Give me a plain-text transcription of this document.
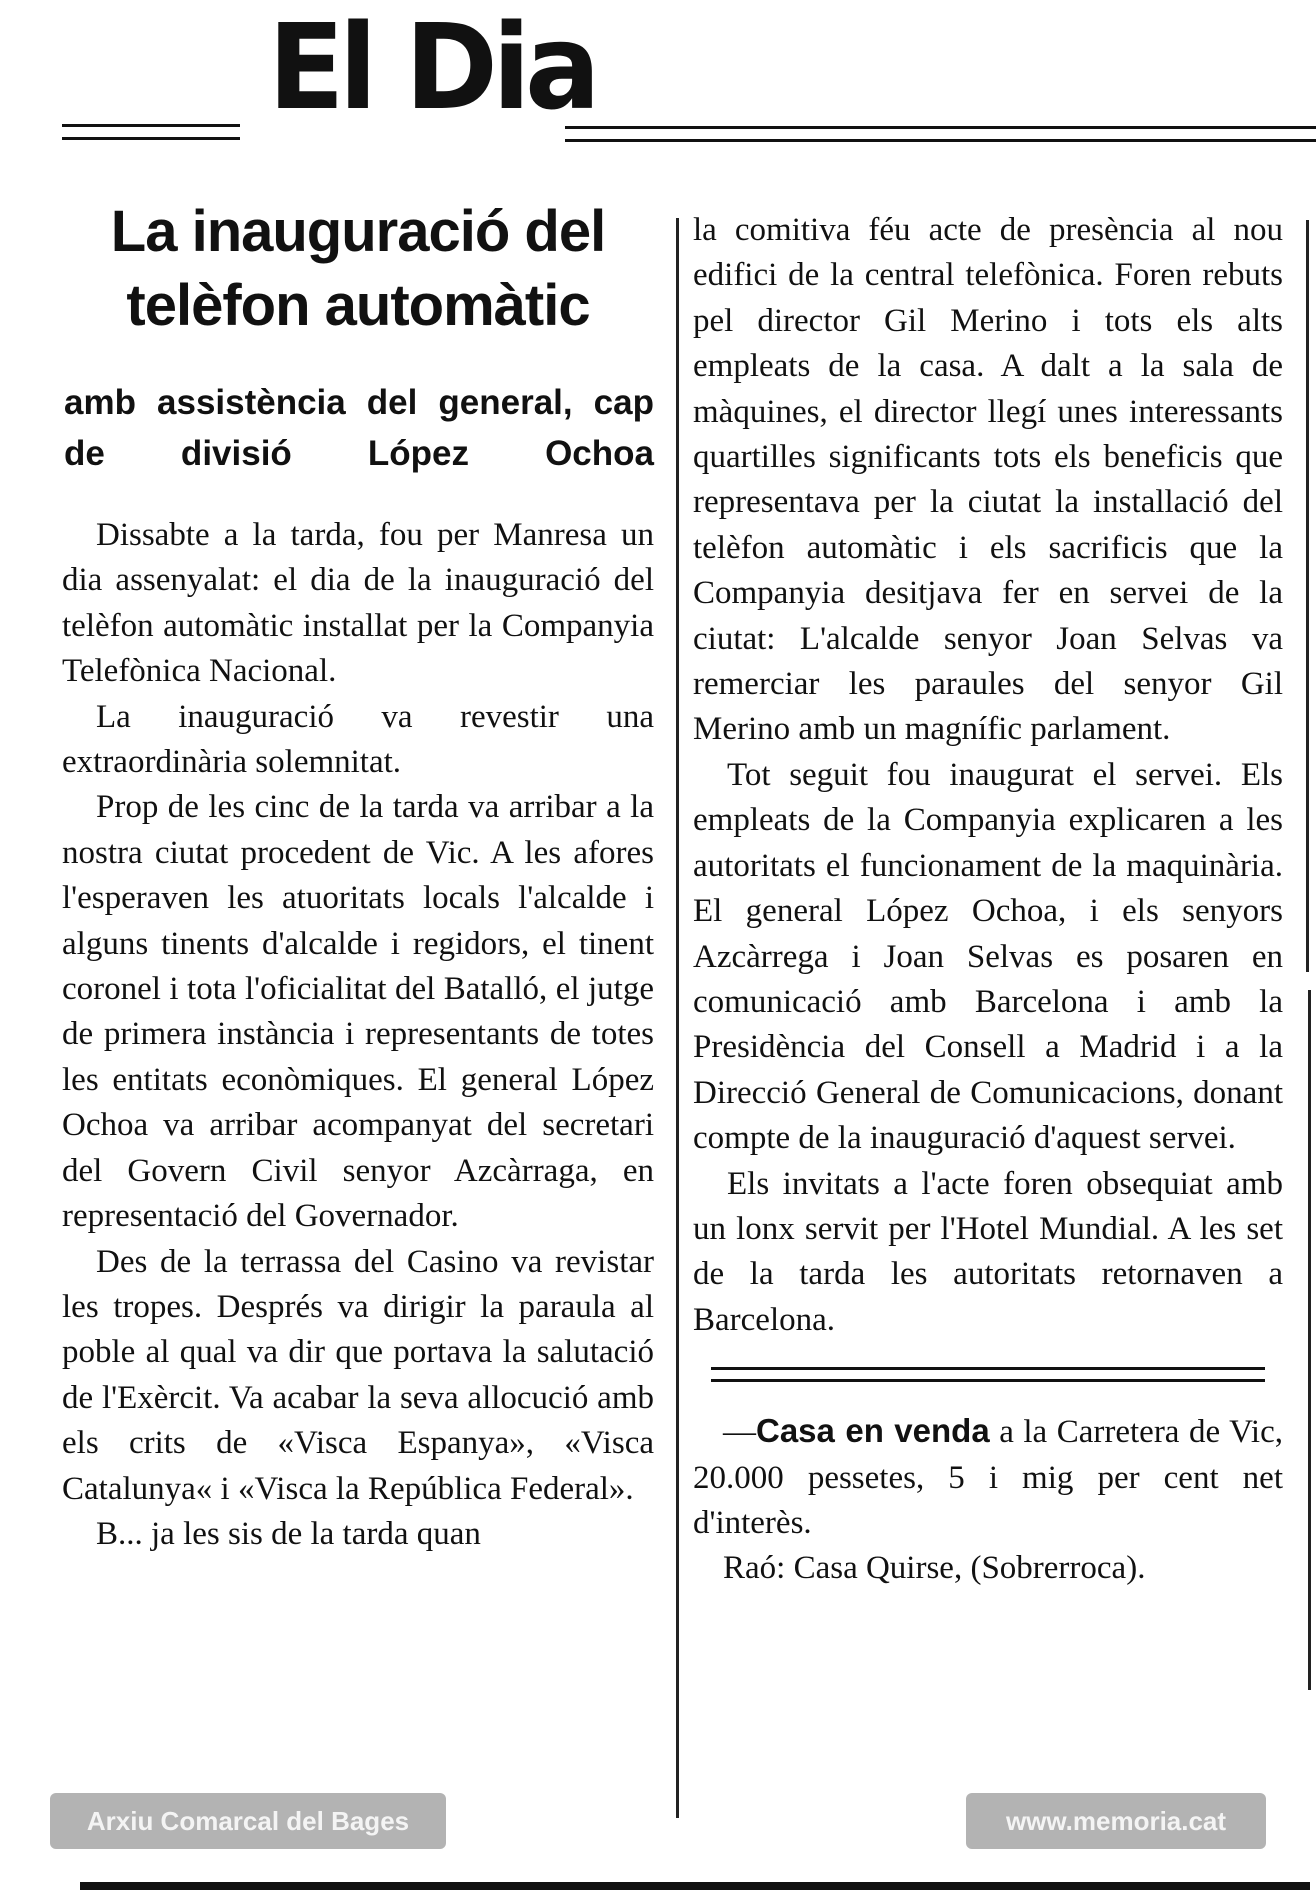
El Dia
La inauguració del telèfon automàtic
amb assistència del general, cap de divisió López Ochoa

Dissabte a la tarda, fou per Manresa un dia assenyalat: el dia de la inauguració del telèfon automàtic installat per la Companyia Telefònica Nacional.

La inauguració va revestir una extraordinària solemnitat.

Prop de les cinc de la tarda va arribar a la nostra ciutat procedent de Vic. A les afores l'esperaven les atuoritats locals l'alcalde i alguns tinents d'alcalde i regidors, el tinent coronel i tota l'oficialitat del Batalló, el jutge de primera instància i representants de totes les entitats econòmiques. El general López Ochoa va arribar acompanyat del secretari del Govern Civil senyor Azcàrraga, en representació del Governador.

Des de la terrassa del Casino va revistar les tropes. Després va dirigir la paraula al poble al qual va dir que portava la salutació de l'Exèrcit. Va acabar la seva allocució amb els crits de «Visca Espanya», «Visca Catalunya« i «Visca la República Federal».

B... ja les sis de la tarda quan

la comitiva féu acte de presència al nou edifici de la central telefònica. Foren rebuts pel director Gil Merino i tots els alts empleats de la casa. A dalt a la sala de màquines, el director llegí unes interessants quartilles significants tots els beneficis que representava per la ciutat la installació del telèfon automàtic i els sacrificis que la Companyia desitjava fer en servei de la ciutat: L'alcalde senyor Joan Selvas va remerciar les paraules del senyor Gil Merino amb un magnífic parlament.

Tot seguit fou inaugurat el servei. Els empleats de la Companyia explicaren a les autoritats el funcionament de la maquinària. El general López Ochoa, i els senyors Azcàrrega i Joan Selvas es posaren en comunicació amb Barcelona i amb la Presidència del Consell a Madrid i a la Direcció General de Comunicacions, donant compte de la inauguració d'aquest servei.

Els invitats a l'acte foren obsequiat amb un lonx servit per l'Hotel Mundial. A les set de la tarda les autoritats retornaven a Barcelona.

—Casa en venda a la Carretera de Vic, 20.000 pessetes, 5 i mig per cent net d'interès.

Raó: Casa Quirse, (Sobrerroca).

Arxiu Comarcal del Bages	www.memoria.cat
